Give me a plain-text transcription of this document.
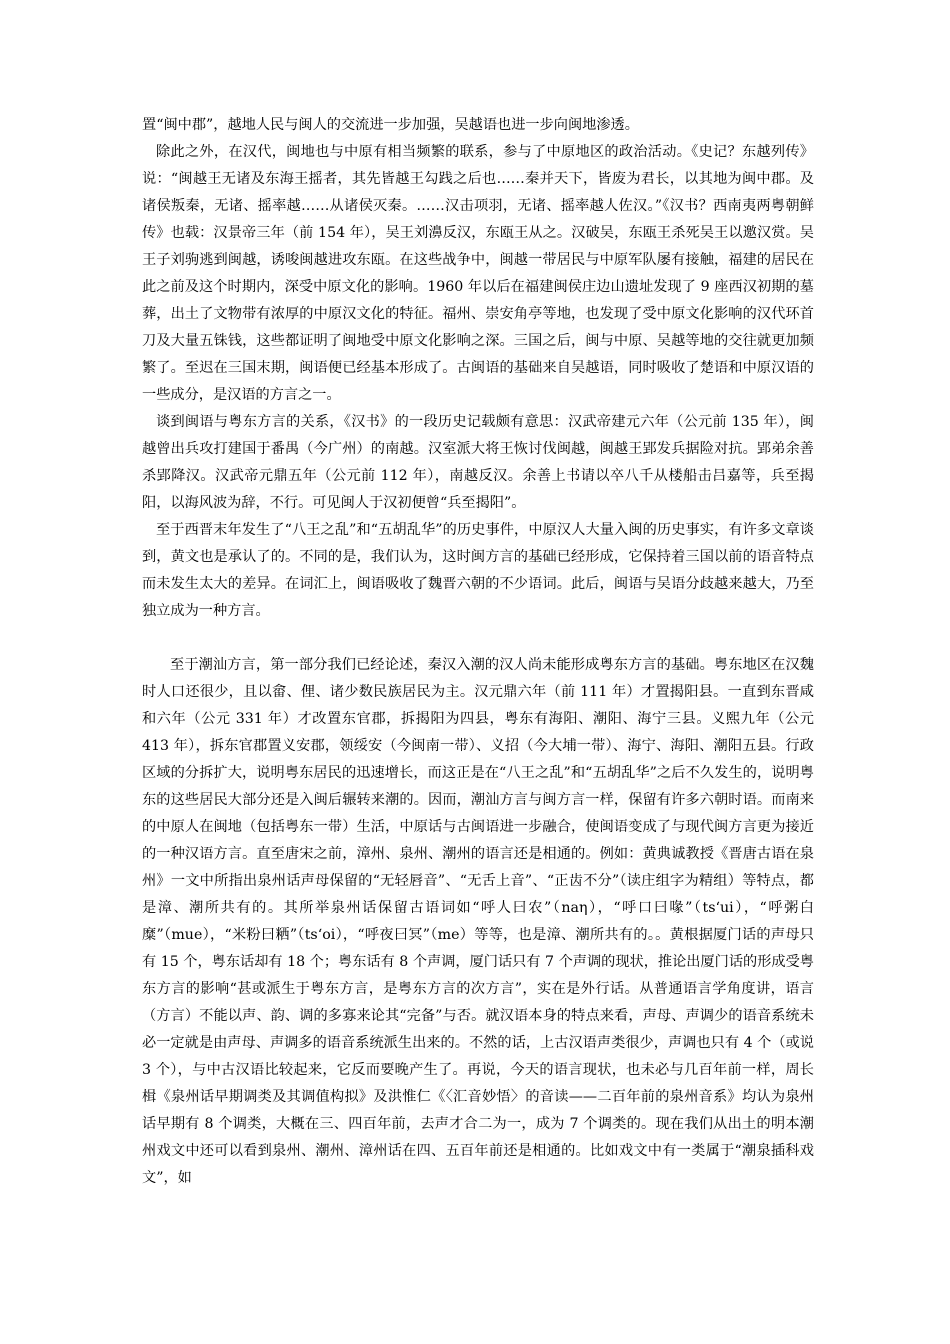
置“闽中郡”，越地人民与闽人的交流进一步加强，吴越语也进一步向闽地渗透。

除此之外，在汉代，闽地也与中原有相当频繁的联系，参与了中原地区的政治活动。《史记？东越列传》说：“闽越王无诸及东海王摇者，其先皆越王勾践之后也……秦并天下，皆废为君长，以其地为闽中郡。及诸侯叛秦，无诸、摇率越……从诸侯灭秦。……汉击项羽，无诸、摇率越人佐汉。”《汉书？西南夷两粤朝鲜传》也载：汉景帝三年（前 154 年），吴王刘濞反汉，东瓯王从之。汉破吴，东瓯王杀死吴王以邀汉赏。吴王子刘驹逃到闽越，诱唆闽越进攻东瓯。在这些战争中，闽越一带居民与中原军队屡有接触，福建的居民在此之前及这个时期内，深受中原文化的影响。1960 年以后在福建闽侯庄边山遗址发现了 9 座西汉初期的墓葬，出土了文物带有浓厚的中原汉文化的特征。福州、崇安角亭等地，也发现了受中原文化影响的汉代环首刀及大量五铢钱，这些都证明了闽地受中原文化影响之深。三国之后，闽与中原、吴越等地的交往就更加频繁了。至迟在三国末期，闽语便已经基本形成了。古闽语的基础来自吴越语，同时吸收了楚语和中原汉语的一些成分，是汉语的方言之一。

谈到闽语与粤东方言的关系，《汉书》的一段历史记载颇有意思：汉武帝建元六年（公元前 135 年），闽越曾出兵攻打建国于番禺（今广州）的南越。汉室派大将王恢讨伐闽越，闽越王郢发兵据险对抗。郢弟余善杀郢降汉。汉武帝元鼎五年（公元前 112 年），南越反汉。余善上书请以卒八千从楼船击吕嘉等，兵至揭阳，以海风波为辞，不行。可见闽人于汉初便曾“兵至揭阳”。

至于西晋末年发生了“八王之乱”和“五胡乱华”的历史事件，中原汉人大量入闽的历史事实，有许多文章谈到，黄文也是承认了的。不同的是，我们认为，这时闽方言的基础已经形成，它保持着三国以前的语音特点而未发生太大的差异。在词汇上，闽语吸收了魏晋六朝的不少语词。此后，闽语与吴语分歧越来越大，乃至独立成为一种方言。

至于潮汕方言，第一部分我们已经论述，秦汉入潮的汉人尚未能形成粤东方言的基础。粤东地区在汉魏时人口还很少，且以畲、俚、诸少数民族居民为主。汉元鼎六年（前 111 年）才置揭阳县。一直到东晋咸和六年（公元 331 年）才改置东官郡，拆揭阳为四县，粤东有海阳、潮阳、海宁三县。义熙九年（公元 413 年），拆东官郡置义安郡，领绥安（今闽南一带）、义招（今大埔一带）、海宁、海阳、潮阳五县。行政区域的分拆扩大，说明粤东居民的迅速增长，而这正是在“八王之乱”和“五胡乱华”之后不久发生的，说明粤东的这些居民大部分还是入闽后辗转来潮的。因而，潮汕方言与闽方言一样，保留有许多六朝时语。而南来的中原人在闽地（包括粤东一带）生活，中原话与古闽语进一步融合，使闽语变成了与现代闽方言更为接近的一种汉语方言。直至唐宋之前，漳州、泉州、潮州的语言还是相通的。例如：黄典诚教授《晋唐古语在泉州》一文中所指出泉州话声母保留的“无轻唇音”、“无舌上音”、“正齿不分”（读庄组字为精组）等特点，都是漳、潮所共有的。其所举泉州话保留古语词如“呼人曰农”（naη），“呼口曰喙”（ts‘ui），“呼粥白糜”（mue），“米粉曰粞”（ts‘oi），“呼夜曰冥”（me）等等，也是漳、潮所共有的。。黄根据厦门话的声母只有 15 个，粤东话却有 18 个；粤东话有 8 个声调，厦门话只有 7 个声调的现状，推论出厦门话的形成受粤东方言的影响“甚或派生于粤东方言，是粤东方言的次方言”，实在是外行话。从普通语言学角度讲，语言（方言）不能以声、韵、调的多寡来论其“完备”与否。就汉语本身的特点来看，声母、声调少的语音系统未必一定就是由声母、声调多的语音系统派生出来的。不然的话，上古汉语声类很少，声调也只有 4 个（或说 3 个），与中古汉语比较起来，它反而要晚产生了。再说，今天的语言现状，也未必与几百年前一样，周长楫《泉州话早期调类及其调值构拟》及洪惟仁《〈汇音妙悟〉的音读——二百年前的泉州音系》均认为泉州话早期有 8 个调类，大概在三、四百年前，去声才合二为一，成为 7 个调类的。现在我们从出土的明本潮州戏文中还可以看到泉州、潮州、漳州话在四、五百年前还是相通的。比如戏文中有一类属于“潮泉插科戏文”，如
